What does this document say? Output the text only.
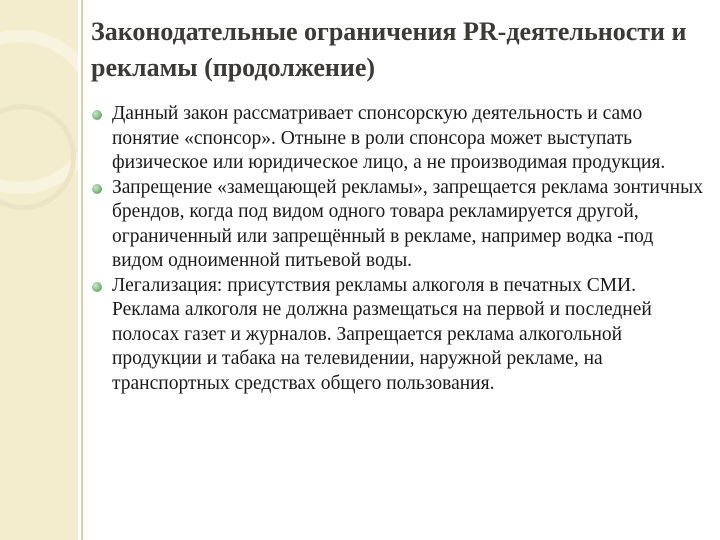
Законодательные ограничения PR-деятельности и рекламы (продолжение)
Данный закон рассматривает спонсорскую деятельность и само понятие «спонсор». Отныне в роли спонсора может выступать физическое или юридическое лицо, а не производимая продукция.
Запрещение «замещающей рекламы», запрещается реклама зонтичных брендов, когда под видом одного товара рекламируется другой, ограниченный или запрещённый в рекламе, например водка -под видом одноименной питьевой воды.
Легализация: присутствия рекламы алкоголя в печатных СМИ. Реклама алкоголя не должна размещаться на первой и последней полосах газет и журналов. Запрещается реклама алкогольной продукции и табака на телевидении, наружной рекламе, на транспортных средствах общего пользования.
